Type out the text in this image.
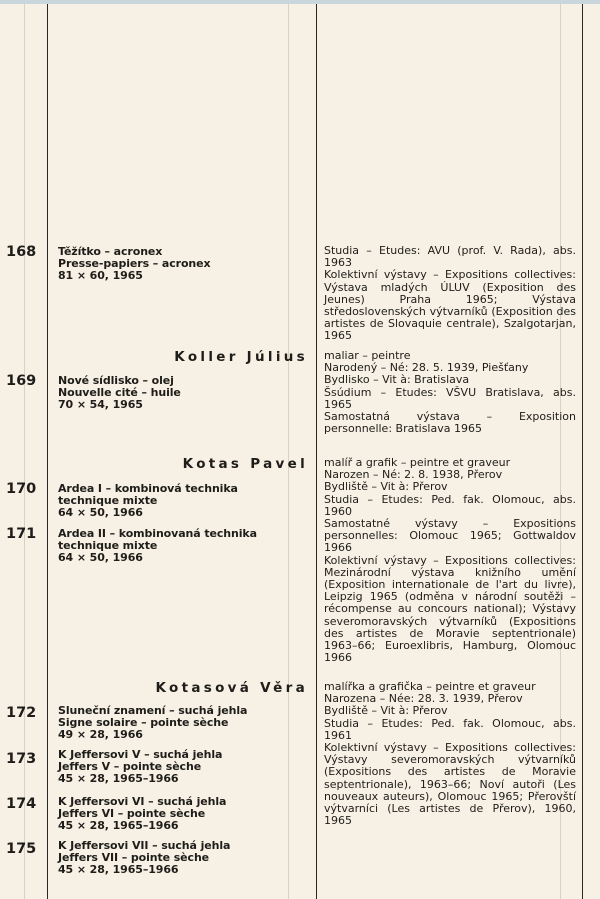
168	Těžítko – acronex
Presse-papiers – acronex
81 × 60, 1965

Studia – Etudes: AVU (prof. V. Rada), abs. 1963

Kolektivní výstavy – Expositions collectives: Výstava mladých ÚLUV (Exposition des Jeunes) Praha 1965; Výstava středoslovenských výtvarníků (Exposition des artistes de Slovaquie centrale), Szalgotarjan, 1965

Koller Július
169	Nové sídlisko – olej
Nouvelle cité – huile
70 × 54, 1965

maliar – peintre

Narodený – Né: 28. 5. 1939, Piešťany

Bydlisko – Vit à: Bratislava

Šsúdium – Etudes: VŠVU Bratislava, abs. 1965

Samostatná výstava – Exposition personnelle: Bratislava 1965

Kotas Pavel
170	Ardea I – kombinová technika
technique mixte
64 × 50, 1966
171	Ardea II – kombinovaná technika
technique mixte
64 × 50, 1966

malíř a grafik – peintre et graveur

Narozen – Né: 2. 8. 1938, Přerov

Bydliště – Vit à: Přerov

Studia – Etudes: Ped. fak. Olomouc, abs. 1960

Samostatné výstavy – Expositions personnelles: Olomouc 1965; Gottwaldov 1966

Kolektivní výstavy – Expositions collectives: Mezinárodní výstava knižního umění (Exposition internationale de l'art du livre), Leipzig 1965 (odměna v národní soutěži – récompense au concours national); Výstavy severomoravských výtvarníků (Expositions des artistes de Moravie septentrionale) 1963–66; Euroexlibris, Hamburg, Olomouc 1966

Kotasová Věra
172	Sluneční znamení – suchá jehla
Signe solaire – pointe sèche
49 × 28, 1966
173	K Jeffersovi V – suchá jehla
Jeffers V – pointe sèche
45 × 28, 1965–1966
174	K Jeffersovi VI – suchá jehla
Jeffers VI – pointe sèche
45 × 28, 1965–1966
175	K Jeffersovi VII – suchá jehla
Jeffers VII – pointe sèche
45 × 28, 1965–1966

malířka a grafička – peintre et graveur

Narozena – Née: 28. 3. 1939, Přerov

Bydliště – Vit à: Přerov

Studia – Etudes: Ped. fak. Olomouc, abs. 1961

Kolektivní výstavy – Expositions collectives: Výstavy severomoravských výtvarníků (Expositions des artistes de Moravie septentrionale), 1963–66; Noví autoři (Les nouveaux auteurs), Olomouc 1965; Přerovští výtvarníci (Les artistes de Přerov), 1960, 1965
